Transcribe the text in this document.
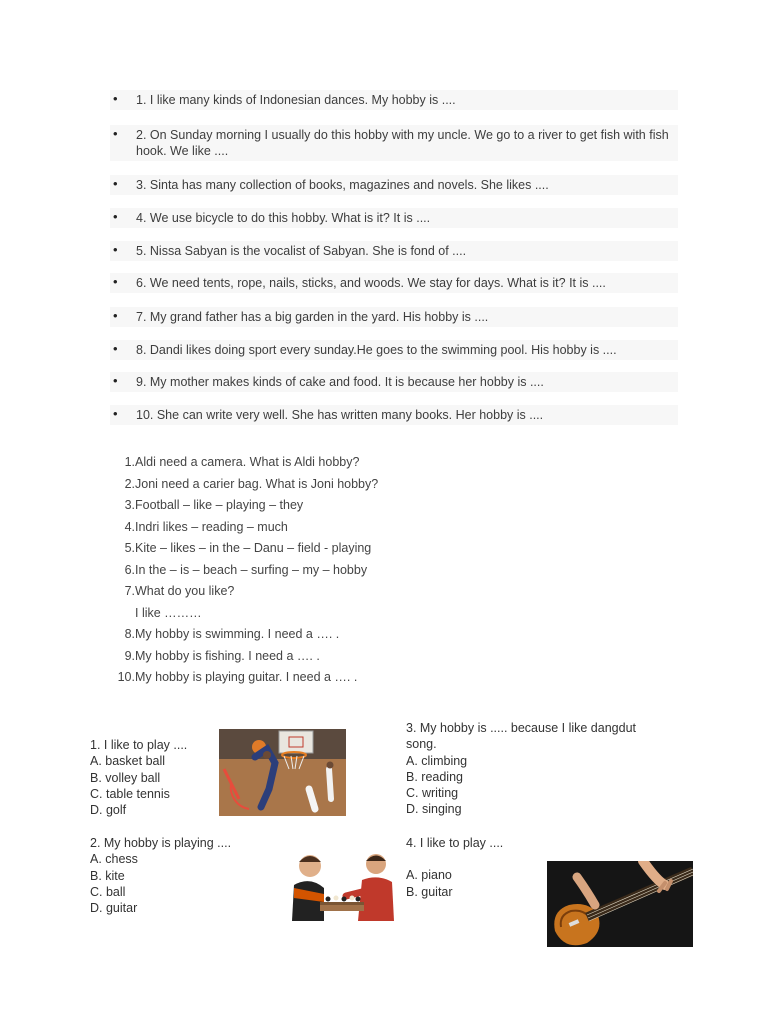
• 1. I like many kinds of Indonesian dances. My hobby is ....
• 2. On Sunday morning I usually do this hobby with my uncle. We go to a river to get fish with fish hook. We like ....
• 3. Sinta has many collection of books, magazines and novels. She likes ....
• 4. We use bicycle to do this hobby. What is it? It is ....
• 5. Nissa Sabyan is the vocalist of Sabyan. She is fond of ....
• 6. We need tents, rope, nails, sticks, and woods. We stay for days. What is it? It is ....
• 7. My grand father has a big garden in the yard. His hobby is ....
• 8. Dandi likes doing sport every sunday.He goes to the swimming pool. His hobby is ....
• 9. My mother makes kinds of cake and food. It is because her hobby is ....
• 10. She can write very well. She has written many books. Her hobby is ....
1. Aldi need a camera. What is Aldi hobby?
2. Joni need a carier bag. What is Joni hobby?
3. Football – like – playing – they
4. Indri likes – reading – much
5. Kite – likes – in the – Danu – field - playing
6. In the – is – beach – surfing – my – hobby
7. What do you like?
I like ………
8. My hobby is swimming. I need a …. .
9. My hobby is fishing. I need a …. .
10. My hobby is playing guitar. I need a …. .
1. I like to play ....
A. basket ball
B. volley ball
C. table tennis
D. golf
3. My hobby is ..... because I like dangdut
song.
A. climbing
B. reading
C. writing
D. singing
2. My hobby is playing ....
A. chess
B. kite
C. ball
D. guitar
4. I like to play ....
A. piano
B. guitar
